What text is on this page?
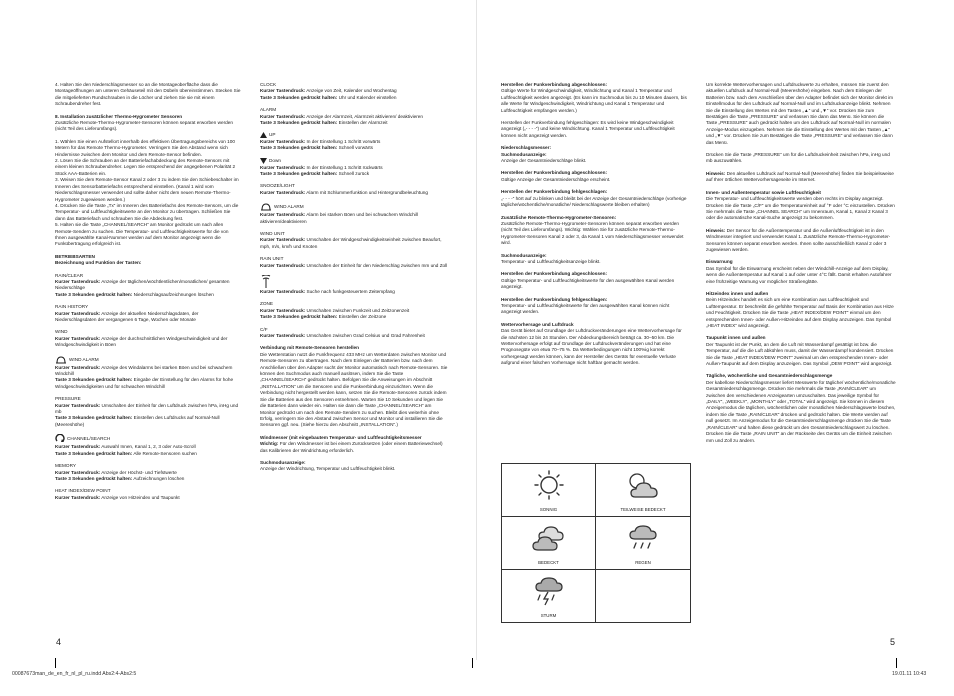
4. Halten Sie den Niederschlagsmesser so an die Montageoberfläche dass die Montageöffnungen am unteren Gehäuseteil mit den Dübeln übereinstimmen. Stecken Sie die mitgelieferten Rundschrauben in die Löcher und ziehen Sie sie mit einem Schraubendreher fest.

8. Installation zusätzlicher Thermo-Hygrometer Sensoren

Zusätzliche Remote-Thermo-Hygrometer-Sensoren können separat erworben werden (nicht Teil des Lieferumfangs).

1. Wählen Sie einen Aufstellort innerhalb des effektiven Übertragungsbereichs von 100 Metern für das Remote Thermo-Hygrometer. Verringern Sie den Abstand wenn sich Hindernisse zwischen dem Monitor und dem Remote-Sensor befinden.
2. Lösen Sie die Schrauben an der Batteriefachabdeckung des Remote-Sensors mit einem kleinen Schraubendreher. Legen Sie entsprechend der angegebenen Polarität 2 Stück AAA-Batterien ein.
3. Weisen Sie dem Remote-Sensor Kanal 2 oder 3 zu indem Sie den Schiebeschalter im Inneren des Sensorbatteriefachs entsprechend einstellen. (Kanal 1 wird vom Niederschlagsmesser verwendet und sollte daher nicht dem neuen Remote-Thermo-Hygrometer zugewiesen werden.)
4. Drücken Sie die Taste „Tx“ im Inneren des Batteriefachs des Remote-Sensors, um die Temperatur- und Luftfeuchtigkeitswerte an den Monitor zu übertragen. Schließen Sie dann das Batteriefach und schrauben Sie die Abdeckung fest.
5. Halten sie die Taste „CHANNEL/SEARCH“ am Monitor gedrückt um nach allen Remote-Sendern zu suchen. Die Temperatur- und Luftfeuchtigkeitswerte für die von Ihnen ausgewählte Kanal-Nummer werden auf dem Monitor angezeigt wenn die Funkübertragung erfolgreich ist.
BETRIEBSARTEN

Bezeichnung und Funktion der Tasten:

RAIN/CLEAR
Kurzer Tastendruck: Anzeige der täglichen/wöchtlentlichen/monatlichen/ gesamten Niederschläge
Taste 3 Sekunden gedrückt halten: Niederschlagsaufzeichnungen löschen
RAIN HISTORY
Kurzer Tastendruck: Anzeige der aktuellen Niederschlagsdaten, der Niederschlagsdaten der vergangenen 6 Tage, Wochen oder Monate
WIND
Kurzer Tastendruck: Anzeige der durchschnittlichen Windgeschwindigkeit und der Windgeschwindigkeit in Böen
WIND ALARM
Kurzer Tastendruck: Anzeige des Windalarms bei starken Böen und bei schwachem Windchill
Taste 3 Sekunden gedrückt halten: Eingabe der Einstellung für den Alarms für hohe Windgeschwindigkeiten und für schwachen Windchill
PRESSURE
Kurzer Tastendruck: Umschalten der Einheit für den Luftdruck zwischen hPa, inHg und mb
Taste 3 Sekunden gedrückt halten: Einstellen des Luftdrucks auf Normal-Null (Meereshöhe)
CHANNEL/SEARCH
Kurzer Tastendruck: Auswahl Innen, Kanal 1, 2, 3 oder Auto-Scroll
Taste 3 Sekunden gedrückt halten: Alle Remote-Sensoren suchen
MEMORY
Kurzer Tastendruck: Anzeige der Höchst- und Tiefstwerte
Taste 3 Sekunden gedrückt halten: Aufzeichnungen löschen
HEAT INDEX/DEW POINT
Kurzer Tastendruck: Anzeige von Hitzeindex und Taupunkt
CLOCK
Kurzer Tastendruck: Anzeige von Zeit, Kalender und Wochentag
Taste 3 Sekunden gedrückt halten: Uhr und Kalender einstellen
ALARM
Kurzer Tastendruck: Anzeige der Alarmzeit, Alarmzeit aktivieren/ deaktivieren
Taste 3 Sekunden gedrückt halten: Einstellen der Alarmzeit
UP
Kurzer Tastendruck: In der Einstellung 1 Schritt vorwärts
Taste 3 Sekunden gedrückt halten: Schnell vorwärts
Down
Kurzer Tastendruck: In der Einstellung 1 Schritt rückwärts
Taste 3 Sekunden gedrückt halten: Schnell zurück
SNOOZE/LIGHT
Kurzer Tastendruck: Alarm mit Schlummerfunktion und Hintergrundbeleuchtung
WIND ALARM
Kurzer Tastendruck: Alarm bei starken Böen und bei schwachem Windchill aktivieren/deaktivieren
WIND UNIT
Kurzer Tastendruck: Umschalten der Windgeschwindigkeitseinheit zwischen Beaufort, mph, m/s, km/h und Knoten
RAIN UNIT
Kurzer Tastendruck: Umschalten der Einheit für den Niederschlag zwischen mm und Zoll
Kurzer Tastendruck: Suche nach funkgesteuertem Zeitempfang
ZONE
Kurzer Tastendruck: Umschalten zwischen Funkzeit und Zeitzonenzeit
Taste 3 Sekunden gedrückt halten: Einstellen der Zeitzone
C/F
Kurzer Tastendruck: Umschalten zwischen Grad Celsius und Grad Fahrenheit
Verbindung mit Remote-Sensoren herstellen

Die Wetterstation nutzt die Funkfrequenz 433 MHz um Wetterdaten zwischen Monitor und Remote-Sensoren zu übertragen. Nach dem Einlegen der Batterien bzw. nach dem Anschließen über den Adapter sucht der Monitor automatisch nach Remote-Sensoren. Sie können den Suchmodus auch manuell auslösen, indem Sie die Taste „CHANNEL/SEARCH“ gedrückt halten. Befolgen Sie die Anweisungen im Abschnitt „INSTALLATION“ um die Sensoren und die Funkverbindung einzurichten. Wenn die Verbindung nicht hergestellt werden kann, setzen Sie die Remote-Sensoren zurück indem Sie die Batterien aus den Sensoren entnehmen. Warten Sie 10 Sekunden und legen Sie die Batterien dann wieder ein. Halten sie dann die Taste „CHANNEL/SEARCH“ am Monitor gedrückt um nach den Remote-Sendern zu suchen. Bleibt dies weiterhin ohne Erfolg, verringern Sie den Abstand zwischen Sensor und Monitor und installieren Sie die Sensoren ggf. neu. (Siehe hierzu den Abschnitt „INSTALLATION“.)

Windmesser (mit eingebautem Temperatur- und Luftfeuchtigkeitsmesser

Wichtig: Für den Windmesser ist bei einem Zurücksetzen (oder einem Batteriewechsel) das Kalibrieren der Windrichtung erforderlich.

Suchmodusanzeige:

Anzeige der Windrichtung, Temperatur und Luftfeuchtigkeit blinkt.

Herstellen der Funkverbindung abgeschlossen:
Gültige Werte für Windgeschwindigkeit, Windrichtung und Kanal 1 Temperatur und Luftfeuchtigkeit werden angezeigt. (Es kann im Suchmodus bis zu 10 Minuten dauern, bis alle Werte für Windgeschwindigkeit, Windrichtung und Kanal 1 Temperatur und Luftfeuchtigkeit empfangen werden.)

Herstellen der Funkverbindung fehlgeschlagen: Es wird keine Windgeschwindigkeit angezeigt („- - - -“) und keine Windrichtung. Kanal 1 Temperatur und Luftfeuchtigkeit können nicht angezeigt werden.

Niederschlagsmesser:
Suchmodusanzeige:
Anzeige der Gesamtniederschläge blinkt.

Herstellen der Funkverbindung abgeschlossen:
Gültige Anzeige der Gesamtniederschläge erscheint.

Herstellen der Funkverbindung fehlgeschlagen:
„- - - -“ hört auf zu blinken und bleibt bei der Anzeige der Gesamtniederschläge (vorherige tägliche/wöchentliche/monatliche/ Niederschlagswerte bleiben erhalten)

Zusätzliche Remote-Thermo-Hygrometer-Sensoren:
Zusätzliche Remote-Thermo-Hygrometer-Sensoren können separat erworben werden (nicht Teil des Lieferumfangs). Wichtig: Wählen Sie für zusätzliche Remote-Thermo-Hygrometer-Sensoren Kanal 2 oder 3, da Kanal 1 vom Niederschlagsmesser verwendet wird.

Suchmodusanzeige:
Temperatur- und Luftfeuchtigkeitsanzeige blinkt.

Herstellen der Funkverbindung abgeschlossen:
Gültige Temperatur- und Luftfeuchtigkeitswerte für den ausgewählten Kanal werden angezeigt.

Herstellen der Funkverbindung fehlgeschlagen:
Temperatur- und Luftfeuchtigkeitswerte für den ausgewählten Kanal können nicht angezeigt werden.

Wettervorhersage und Luftdruck
Das Gerät bietet auf Grundlage der Luftdruckveränderungen eine Wettervorhersage für die nächsten 12 bis 24 Stunden. Der Abdeckungsbereich beträgt ca. 30–50 km. Die Wettervorhersage erfolgt auf Grundlage der Luftdruckveränderungen und hat eine Prognosegüte von etwa 70–75 %. Da Wetterbedingungen nicht 100%ig korrekt vorhergesagt werden können, kann der Hersteller des Geräts für eventuelle Verluste aufgrund einer falschen Vorhersage nicht haftbar gemacht werden.

SONNIG	TEILWEISE BEDECKT
BEDECKT	REGEN
STURM

Um korrekte Wettervorhersagen und Luftdruckwerte zu erhalten, müssen Sie zuerst den aktuellen Luftdruck auf Normal-Null (Meereshöhe) eingeben. Nach dem Einlegen der Batterien bzw. nach dem Anschließen über den Adapter befindet sich der Monitor direkt im Einstellmodus für den Luftdruck auf Normal-Null und im Luftdruckanzeige blinkt. Nehmen Sie die Einstellung des Wertes mit den Tasten „▲“ und „▼“ vor. Drücken Sie zum Bestätigen die Taste „PRESSURE“ und verlassen Sie dann das Menü. Sie können die Taste „PRESSURE“ auch gedrückt halten um den Luftdruck auf Normal-Null im normalen Anzeige-Modus einzugeben. Nehmen Sie die Einstellung des Wertes mit den Tasten „▲“ und „▼“ vor. Drücken Sie zum Bestätigen die Taste „PRESSURE“ und verlassen Sie dann das Menü.

Drücken Sie die Taste „PRESSURE“ um für die Luftdruckeinheit zwischen hPa, inHg und mb auszuwählen.

Hinweis: Den aktuellen Luftdruck auf Normal-Null (Meereshöhe) finden Sie beispielsweise auf Ihrer örtlichen Wettervorhersageseite im Internet.

Innen- und Außentemperatur sowie Luftfeuchtigkeit
Die Temperatur- und Luftfeuchtigkeitswerte werden oben rechts im Display angezeigt. Drücken Sie die Taste „C/F“ um die Temperatureinheit auf °F oder °C einzustellen. Drücken Sie mehrmals die Taste „CHANNEL SEARCH“ um Innenraum, Kanal 1, Kanal 2 Kanal 3 oder die automatische Kanal-Suche angezeigt zu bekommen.

Hinweis: Der Sensor für die Außentemperatur und die Außenluftfeuchtigkeit ist in den Windmesser integriert und verwendet Kanal 1. Zusätzliche Remote-Thermo-Hygrometer-Sensoren können separat erworben werden. Ihnen sollte ausschließlich Kanal 2 oder 3 zugewiesen werden.

Eiswarnung
Das Symbol für die Eiswarnung erscheint neben der Windchill-Anzeige auf dem Display, wenn die Außentemperatur auf Kanal 1 auf oder unter 4°C fällt. Damit erhalten Autofahrer eine frühzeitige Warnung vor möglicher Straßenglätte.

Hitzeindex innen und außen
Beim Hitzeindex handelt es sich um eine Kombination aus Luftfeuchtigkeit und Lufttemperatur. Er beschreibt die gefühlte Temperatur auf Basis der Kombination aus Hitze und Feuchtigkeit. Drücken Sie die Taste „HEAT INDEX/DEW POINT“ einmal um den entsprechenden Innen- oder Außen-Hitzeindex auf dem Display anzuzeigen. Das Symbol „HEAT INDEX“ wird angezeigt.

Taupunkt innen und außen
Der Taupunkt ist der Punkt, an dem die Luft mit Wasserdampf gesättigt ist bzw. die Temperatur, auf die die Luft abkühlen muss, damit der Wasserdampf kondensiert. Drücken Sie die Taste „HEAT INDEX/DEW POINT“ zweimal um den entsprechenden Innen- oder Außen-Taupunkt auf dem Display anzuzeigen. Das Symbol „DEW POINT“ wird angezeigt.

Tägliche, wöchentliche und Gesamtniederschlagsmenge
Der kabellose Niederschlagsmesser liefert Messwerte für tägliche/ wöchentliche/monatliche Gesamtniederschlagsmenge. Drücken Sie mehrmals die Taste „RAIN/CLEAR“ um zwischen den verschiedenen Anzeigearten umzuschalten. Das jeweilige Symbol für „DAILY“, „WEEKLY“, „MONTHLY“ oder „TOTAL“ wird angezeigt. Sie können in diesem Anzeigemodus die täglichen, wöchentlichen oder monatlichen Niederschlagswerte löschen, indem Sie die Taste „RAIN/CLEAR“ drücken und gedrückt halten. Die Werte werden auf null gesetzt. Im Anzeigemodus für die Gesamtniederschlagsmenge drücken Sie die Taste „RAIN/CLEAR“ und halten diese gedrückt um den Gesamtniederschlagswert zu löschen. Drücken Sie die Taste „RAIN UNIT“ an der Rückseite des Geräts um die Einheit zwischen mm und Zoll zu ändern.

4	5
00087673man_de_en_fr_nl_pl_ru.indd Abs2:4-Abs2:5	19.01.11 10:43
